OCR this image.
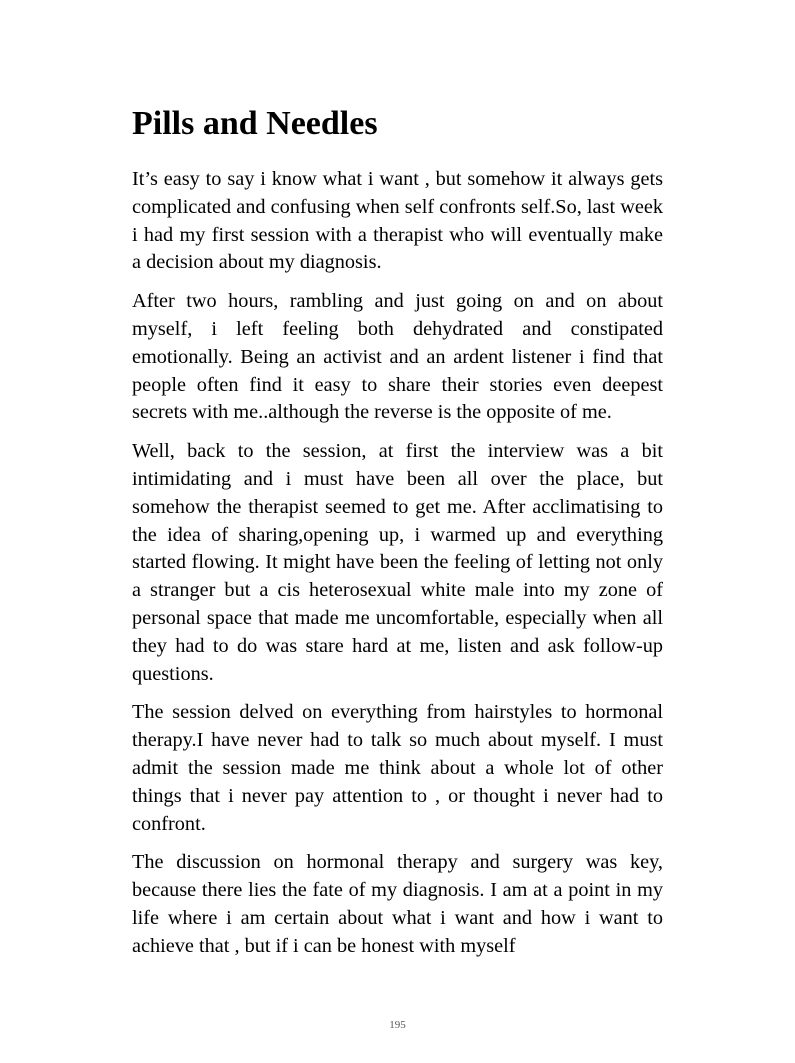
Pills and Needles

It’s easy to say i know what i want , but somehow it always gets complicated and confusing when self confronts self.So, last week i had my first session with a therapist who will eventually make a decision about my diagnosis.

After two hours, rambling and just going on and on about myself, i left feeling both dehydrated and constipated emotionally. Being an activist and an ardent listener i find that people often find it easy to share their stories even deepest secrets with me..although the reverse is the opposite of me.

Well, back to the session, at first the interview was a bit intimidating and i must have been all over the place, but somehow the therapist seemed to get me. After acclimatising to the idea of sharing,opening up, i warmed up and everything started flowing. It might have been the feeling of letting not only a stranger but a cis heterosexual white male into my zone of personal space that made me uncomfortable, especially when all they had to do was stare hard at me, listen and ask follow-up questions.

The session delved on everything from hairstyles to hormonal therapy.I have never had to talk so much about myself. I must admit the session made me think about a whole lot of other things that i never pay attention to , or thought i never had to confront.

The discussion on hormonal therapy and surgery was key, because there lies the fate of my diagnosis. I am at a point in my life where i am certain about what i want and how i want to achieve that , but if i can be honest with myself

195
